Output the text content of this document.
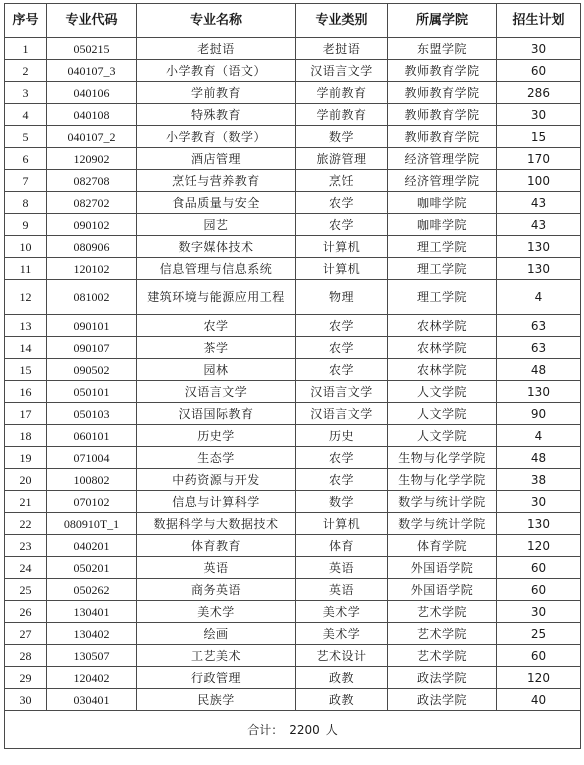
序号	专业代码	专业名称	专业类别	所属学院	招生计划
1	050215	老挝语	老挝语	东盟学院	30
2	040107_3	小学教育（语文）	汉语言文学	教师教育学院	60
3	040106	学前教育	学前教育	教师教育学院	286
4	040108	特殊教育	学前教育	教师教育学院	30
5	040107_2	小学教育（数学）	数学	教师教育学院	15
6	120902	酒店管理	旅游管理	经济管理学院	170
7	082708	烹饪与营养教育	烹饪	经济管理学院	100
8	082702	食品质量与安全	农学	咖啡学院	43
9	090102	园艺	农学	咖啡学院	43
10	080906	数字媒体技术	计算机	理工学院	130
11	120102	信息管理与信息系统	计算机	理工学院	130
12	081002	建筑环境与能源应用工程	物理	理工学院	4
13	090101	农学	农学	农林学院	63
14	090107	茶学	农学	农林学院	63
15	090502	园林	农学	农林学院	48
16	050101	汉语言文学	汉语言文学	人文学院	130
17	050103	汉语国际教育	汉语言文学	人文学院	90
18	060101	历史学	历史	人文学院	4
19	071004	生态学	农学	生物与化学学院	48
20	100802	中药资源与开发	农学	生物与化学学院	38
21	070102	信息与计算科学	数学	数学与统计学院	30
22	080910T_1	数据科学与大数据技术	计算机	数学与统计学院	130
23	040201	体育教育	体育	体育学院	120
24	050201	英语	英语	外国语学院	60
25	050262	商务英语	英语	外国语学院	60
26	130401	美术学	美术学	艺术学院	30
27	130402	绘画	美术学	艺术学院	25
28	130507	工艺美术	艺术设计	艺术学院	60
29	120402	行政管理	政教	政法学院	120
30	030401	民族学	政教	政法学院	40
合计： 2200 人					
